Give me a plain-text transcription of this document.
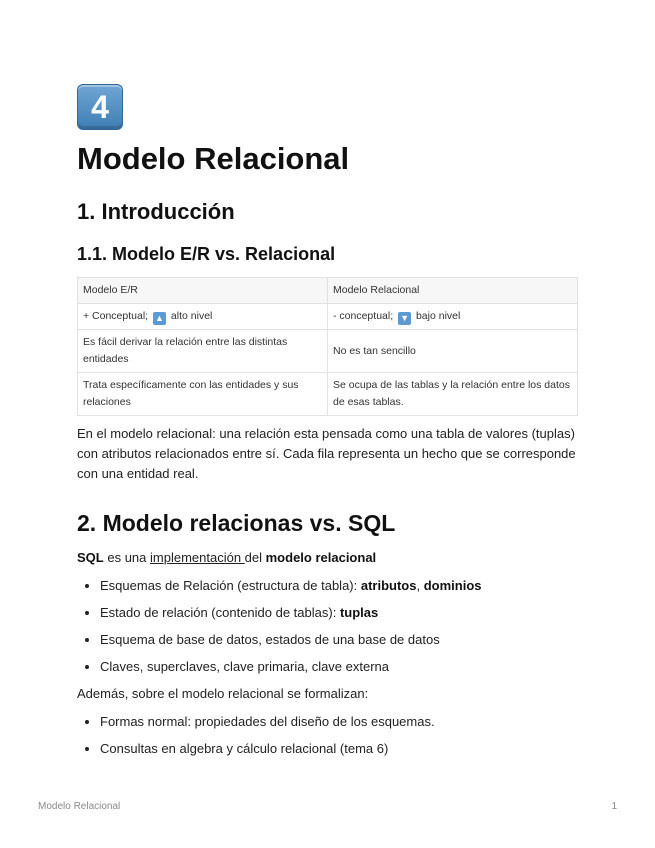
4
Modelo Relacional
1. Introducción
1.1. Modelo E/R vs. Relacional
Modelo E/R	Modelo Relacional
+ Conceptual; ▲ alto nivel	- conceptual; ▼ bajo nivel
Es fácil derivar la relación entre las distintas entidades	No es tan sencillo
Trata específicamente con las entidades y sus relaciones	Se ocupa de las tablas y la relación entre los datos de esas tablas.

En el modelo relacional: una relación esta pensada como una tabla de valores (tuplas) con atributos relacionados entre sí. Cada fila representa un hecho que se corresponde con una entidad real.

2. Modelo relacionas vs. SQL

SQL es una implementación del modelo relacional

• Esquemas de Relación (estructura de tabla): atributos, dominios
• Estado de relación (contenido de tablas): tuplas
• Esquema de base de datos, estados de una base de datos
• Claves, superclaves, clave primaria, clave externa

Además, sobre el modelo relacional se formalizan:

• Formas normal: propiedades del diseño de los esquemas.
• Consultas en algebra y cálculo relacional (tema 6)
Modelo Relacional	1
